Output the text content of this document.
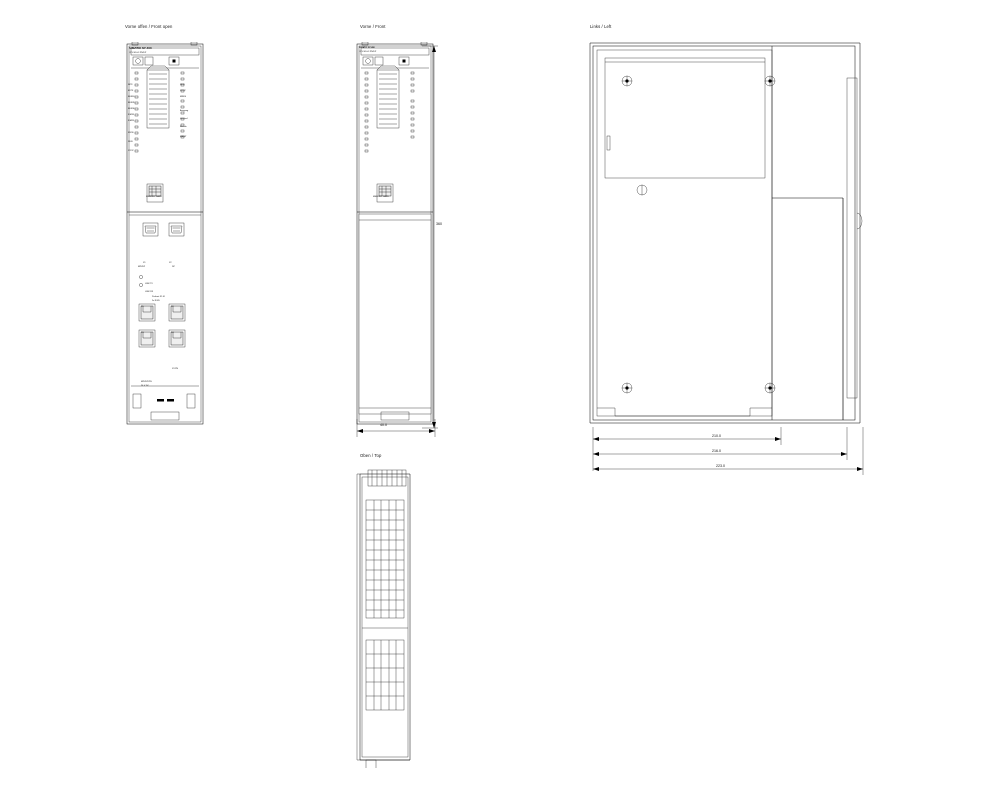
Vorne offen / Front open	Vorne / Front	Links / Left
Oben / Top
SIMATIC S7-400
CPU 414-3 PN/DP
INTF
EXTF
BUS1F
BUS2F
BUS5F
IFM1F
IFM2F
FRCE
RUN
STOP
RUN
STOP
MRES
Ausgang
Leerlauf
Betrieb
MAINT
MEMORY CARD
X1	X2
MPI/DP	DP
LINK TX
LINK RX
Profinet X5 IO
2x RJ45
P1	P2
P3	P4
X3 PN
MPI/DP/PN
24 V DC
SIMATIC S7-400
CPU 414-3 PN/DP
MEMORY CARD
360
40.0
210.0
216.0
223.0
